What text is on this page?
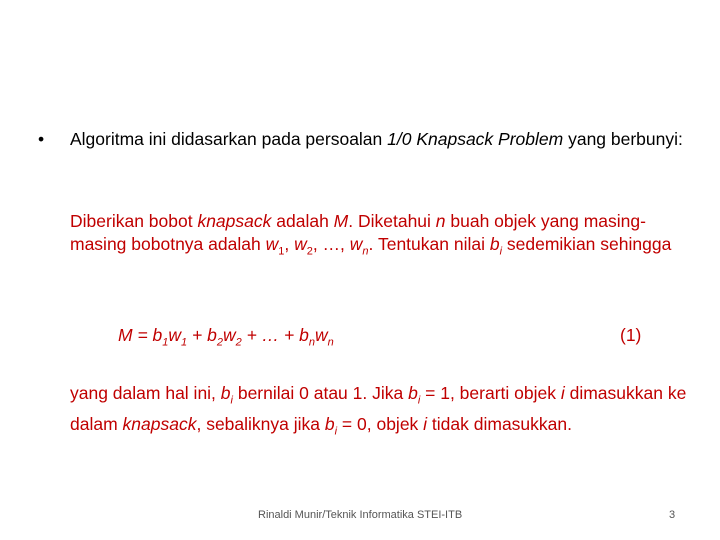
• Algoritma ini didasarkan pada persoalan 1/0 Knapsack Problem yang berbunyi:
Diberikan bobot knapsack adalah M. Diketahui n buah objek yang masing-masing bobotnya adalah $w_1$, $w_2$, …, $w_n$. Tentukan nilai $b_i$ sedemikian sehingga
$M = b_1w_1 + b_2w_2$ + … + $b_nw_n$	(1)
yang dalam hal ini, $b_i$ bernilai 0 atau 1. Jika $b_i = 1$, berarti objek i dimasukkan ke dalam knapsack, sebaliknya jika $b_i = 0$, objek i tidak dimasukkan.
Rinaldi Munir/Teknik Informatika STEI-ITB	3
